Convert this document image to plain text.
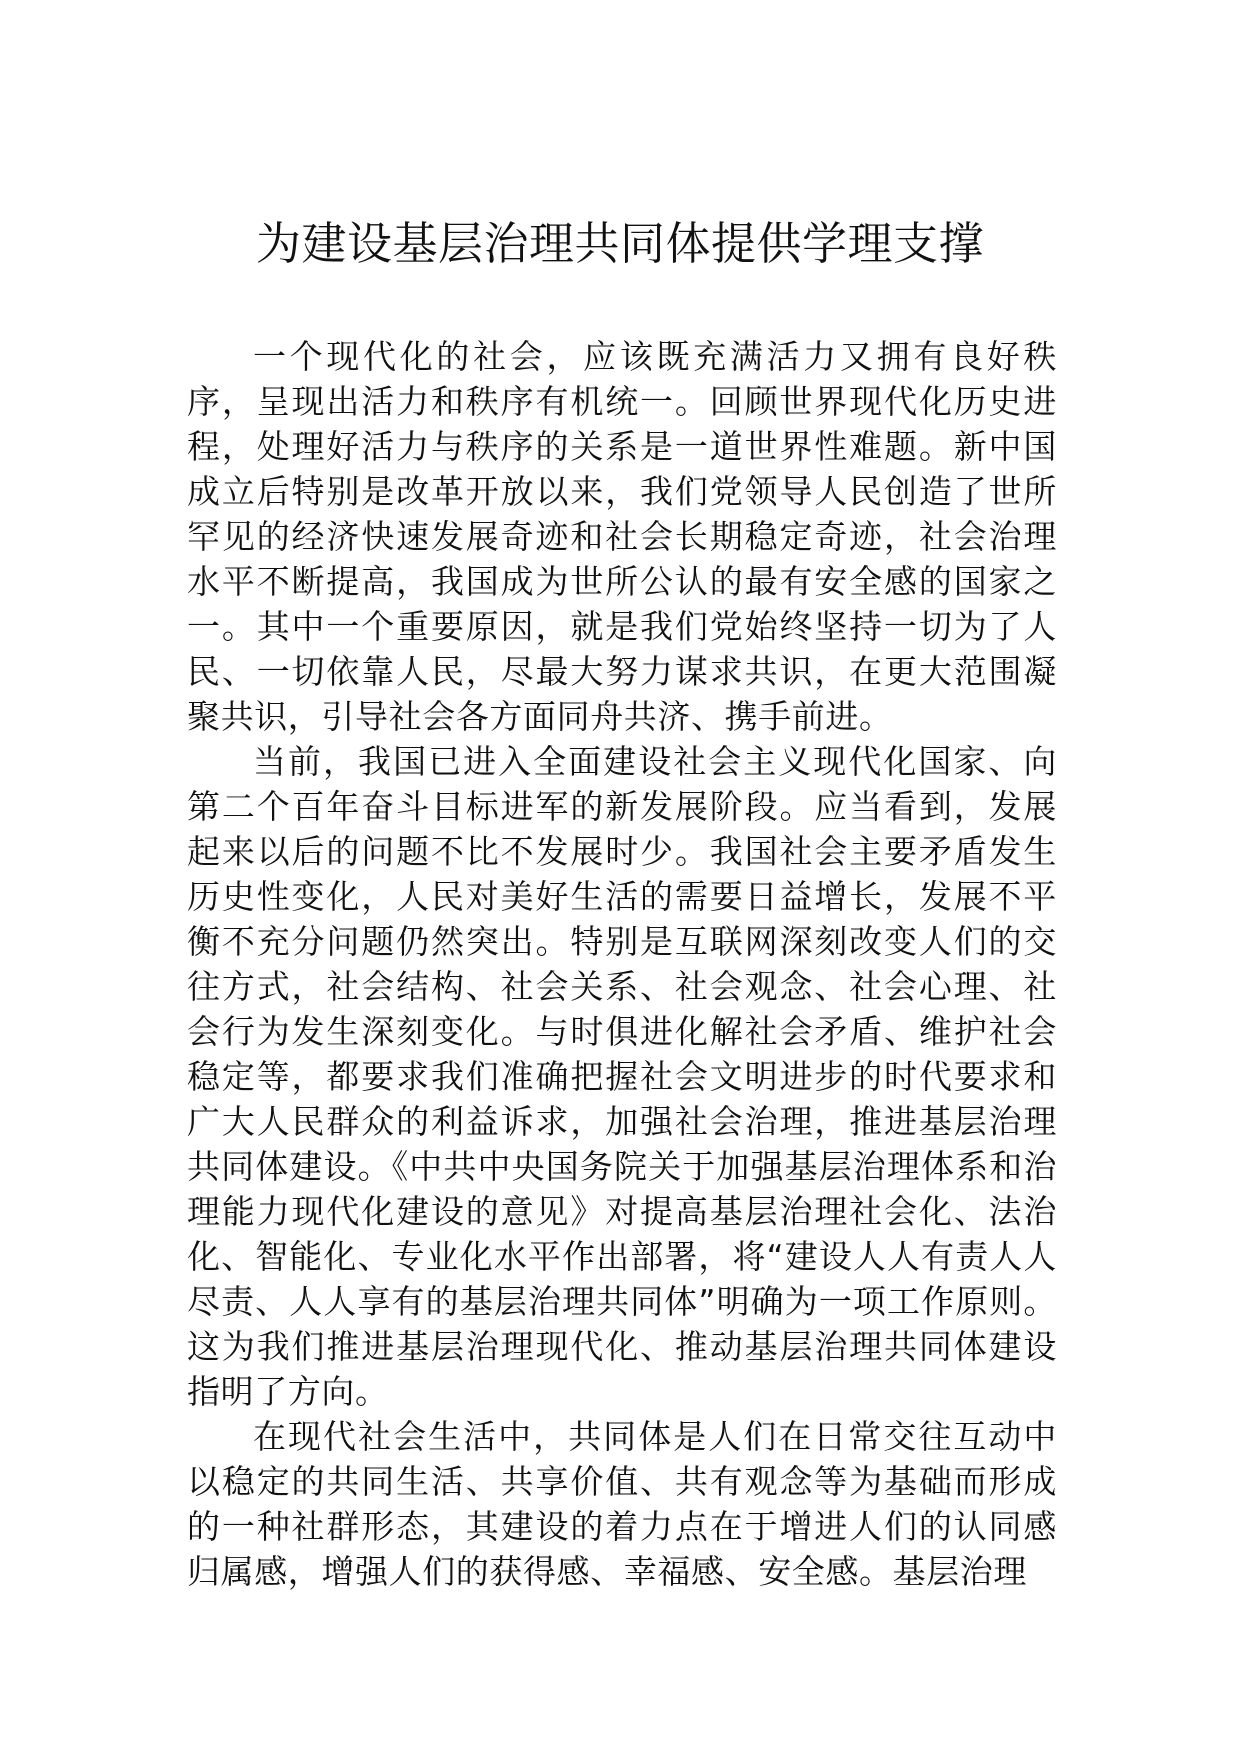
为建设基层治理共同体提供学理支撑

一个现代化的社会，应该既充满活力又拥有良好秩序，呈现出活力和秩序有机统一。回顾世界现代化历史进程，处理好活力与秩序的关系是一道世界性难题。新中国成立后特别是改革开放以来，我们党领导人民创造了世所罕见的经济快速发展奇迹和社会长期稳定奇迹，社会治理水平不断提高，我国成为世所公认的最有安全感的国家之一。其中一个重要原因，就是我们党始终坚持一切为了人民、一切依靠人民，尽最大努力谋求共识，在更大范围凝聚共识，引导社会各方面同舟共济、携手前进。

当前，我国已进入全面建设社会主义现代化国家、向第二个百年奋斗目标进军的新发展阶段。应当看到，发展起来以后的问题不比不发展时少。我国社会主要矛盾发生历史性变化，人民对美好生活的需要日益增长，发展不平衡不充分问题仍然突出。特别是互联网深刻改变人们的交往方式，社会结构、社会关系、社会观念、社会心理、社会行为发生深刻变化。与时俱进化解社会矛盾、维护社会稳定等，都要求我们准确把握社会文明进步的时代要求和广大人民群众的利益诉求，加强社会治理，推进基层治理共同体建设。《中共中央国务院关于加强基层治理体系和治理能力现代化建设的意见》对提高基层治理社会化、法治化、智能化、专业化水平作出部署，将“建设人人有责人人尽责、人人享有的基层治理共同体”明确为一项工作原则。这为我们推进基层治理现代化、推动基层治理共同体建设指明了方向。

在现代社会生活中，共同体是人们在日常交往互动中以稳定的共同生活、共享价值、共有观念等为基础而形成的一种社群形态，其建设的着力点在于增进人们的认同感归属感，增强人们的获得感、幸福感、安全感。基层治理
